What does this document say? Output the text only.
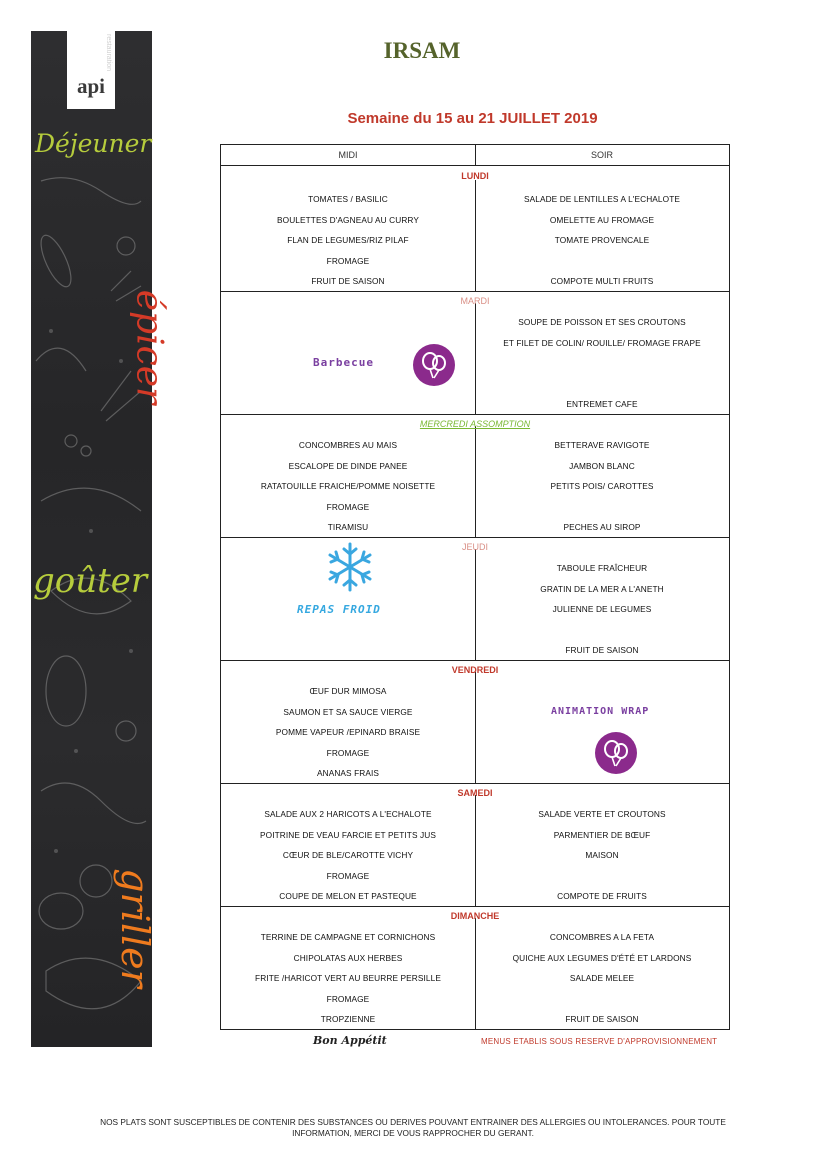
api
restauration
Déjeuner
épicer
goûter
griller
IRSAM
Semaine du 15 au 21 JUILLET 2019
MIDI	SOIR
LUNDI
TOMATES / BASILIC
BOULETTES D'AGNEAU AU CURRY
FLAN DE LEGUMES/RIZ PILAF
FROMAGE
FRUIT DE SAISON
SALADE DE LENTILLES A L'ECHALOTE
OMELETTE AU FROMAGE
TOMATE PROVENCALE
COMPOTE MULTI FRUITS
MARDI
Barbecue
SOUPE DE POISSON ET SES CROUTONS
ET FILET DE COLIN/ ROUILLE/ FROMAGE FRAPE
ENTREMET CAFE
MERCREDI ASSOMPTION
CONCOMBRES AU MAIS
ESCALOPE DE DINDE PANEE
RATATOUILLE FRAICHE/POMME NOISETTE
FROMAGE
TIRAMISU
BETTERAVE RAVIGOTE
JAMBON BLANC
PETITS POIS/ CAROTTES
PECHES AU SIROP
JEUDI
REPAS FROID
TABOULE FRAÎCHEUR
GRATIN DE LA MER A L'ANETH
JULIENNE DE LEGUMES
FRUIT DE SAISON
VENDREDI
ŒUF DUR MIMOSA
SAUMON ET SA SAUCE VIERGE
POMME VAPEUR /EPINARD BRAISE
FROMAGE
ANANAS FRAIS
ANIMATION WRAP
SAMEDI
SALADE AUX 2 HARICOTS A L'ECHALOTE
POITRINE DE VEAU FARCIE ET PETITS JUS
CŒUR DE BLE/CAROTTE VICHY
FROMAGE
COUPE DE MELON ET PASTEQUE
SALADE VERTE ET CROUTONS
PARMENTIER DE BŒUF
MAISON
COMPOTE DE FRUITS
DIMANCHE
TERRINE DE CAMPAGNE ET CORNICHONS
CHIPOLATAS AUX HERBES
FRITE /HARICOT VERT AU BEURRE PERSILLE
FROMAGE
TROPZIENNE
CONCOMBRES A LA FETA
QUICHE AUX LEGUMES D'ÉTÉ ET LARDONS
SALADE MELEE
FRUIT DE SAISON
Bon Appétit	MENUS ETABLIS SOUS RESERVE D'APPROVISIONNEMENT
NOS PLATS SONT SUSCEPTIBLES DE CONTENIR DES SUBSTANCES OU DERIVES POUVANT ENTRAINER DES ALLERGIES OU INTOLERANCES. POUR TOUTE
INFORMATION, MERCI DE VOUS RAPPROCHER DU GERANT.
